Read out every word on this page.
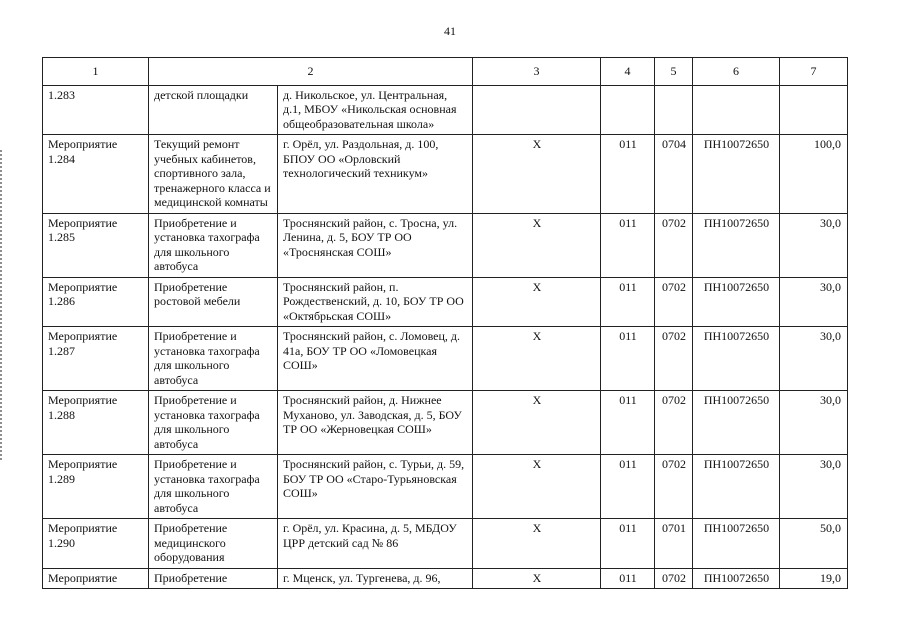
41
1	2		3	4	5	6	7
1.283	детской площадки	д. Никольское, ул. Центральная, д.1, МБОУ «Никольская основная общеобразовательная школа»					
Мероприятие 1.284	Текущий ремонт учебных кабинетов, спортивного зала, тренажерного класса и медицинской комнаты	г. Орёл, ул. Раздольная, д. 100, БПОУ ОО «Орловский технологический техникум»	X	011	0704	ПН10072650	100,0
Мероприятие 1.285	Приобретение и установка тахографа для школьного автобуса	Троснянский район, с. Тросна, ул. Ленина, д. 5, БОУ ТР ОО «Троснянская СОШ»	X	011	0702	ПН10072650	30,0
Мероприятие 1.286	Приобретение ростовой мебели	Троснянский район, п. Рождественский, д. 10, БОУ ТР ОО «Октябрьская СОШ»	X	011	0702	ПН10072650	30,0
Мероприятие 1.287	Приобретение и установка тахографа для школьного автобуса	Троснянский район, с. Ломовец, д. 41а, БОУ ТР ОО «Ломовецкая СОШ»	X	011	0702	ПН10072650	30,0
Мероприятие 1.288	Приобретение и установка тахографа для школьного автобуса	Троснянский район, д. Нижнее Муханово, ул. Заводская, д. 5, БОУ ТР ОО «Жерновецкая СОШ»	X	011	0702	ПН10072650	30,0
Мероприятие 1.289	Приобретение и установка тахографа для школьного автобуса	Троснянский район, с. Турьи, д. 59, БОУ ТР ОО «Старо-Турьяновская СОШ»	X	011	0702	ПН10072650	30,0
Мероприятие 1.290	Приобретение медицинского оборудования	г. Орёл, ул. Красина, д. 5, МБДОУ ЦРР детский сад № 86	X	011	0701	ПН10072650	50,0
Мероприятие	Приобретение	г. Мценск, ул. Тургенева, д. 96,	X	011	0702	ПН10072650	19,0
